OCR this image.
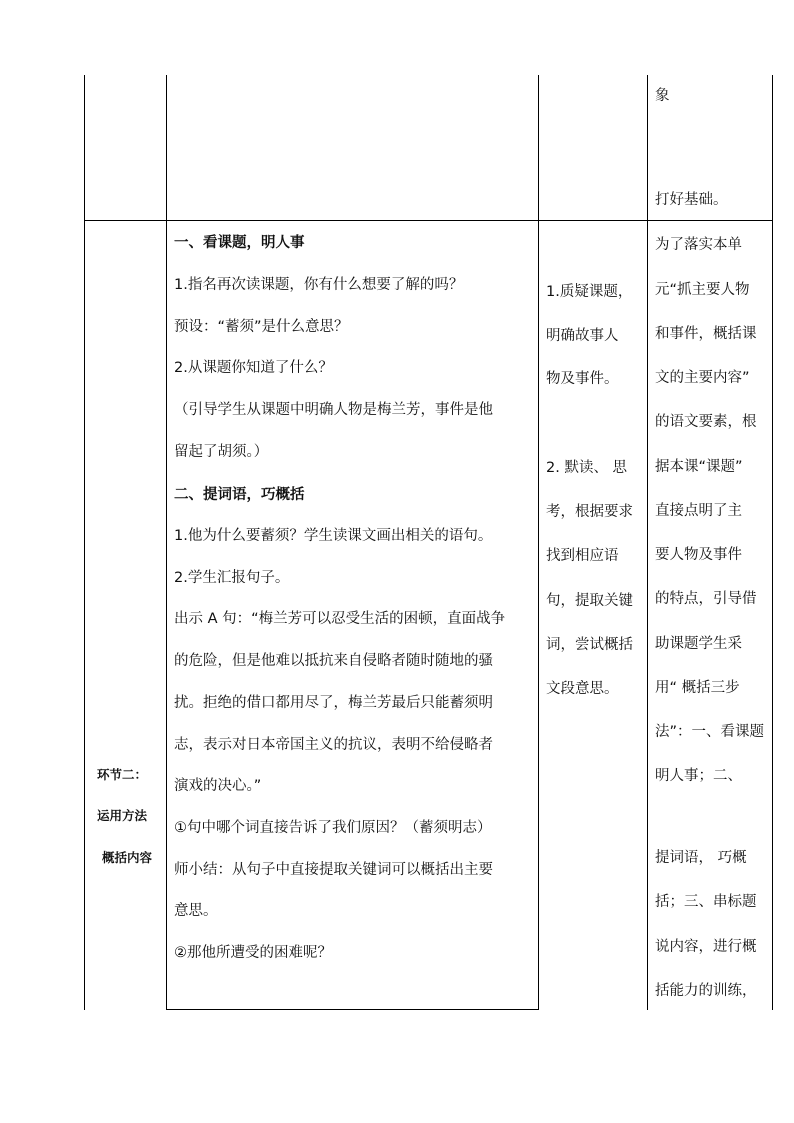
象
打好基础。
环节二：
运用方法
概括内容
一、看课题，明人事
1.指名再次读课题，你有什么想要了解的吗？
预设：“蓄须”是什么意思？
2.从课题你知道了什么？
（引导学生从课题中明确人物是梅兰芳，事件是他
留起了胡须。）
二、提词语，巧概括
1.他为什么要蓄须？学生读课文画出相关的语句。
2.学生汇报句子。
出示 A 句：“梅兰芳可以忍受生活的困顿，直面战争
的危险，但是他难以抵抗来自侵略者随时随地的骚
扰。拒绝的借口都用尽了，梅兰芳最后只能蓄须明
志，表示对日本帝国主义的抗议，表明不给侵略者
演戏的决心。”
①句中哪个词直接告诉了我们原因？（蓄须明志）
师小结：从句子中直接提取关键词可以概括出主要
意思。
②那他所遭受的困难呢？
1.质疑课题，
明确故事人
物及事件。
2. 默读、 思
考，根据要求
找到相应语
句，提取关键
词，尝试概括
文段意思。
为了落实本单
元“抓主要人物
和事件，概括课
文的主要内容”
的语文要素，根
据本课“课题”
直接点明了主
要人物及事件
的特点，引导借
助课题学生采
用“ 概括三步
法”：一、看课题
明人事；二、
提词语， 巧概
括；三、串标题
说内容，进行概
括能力的训练，
